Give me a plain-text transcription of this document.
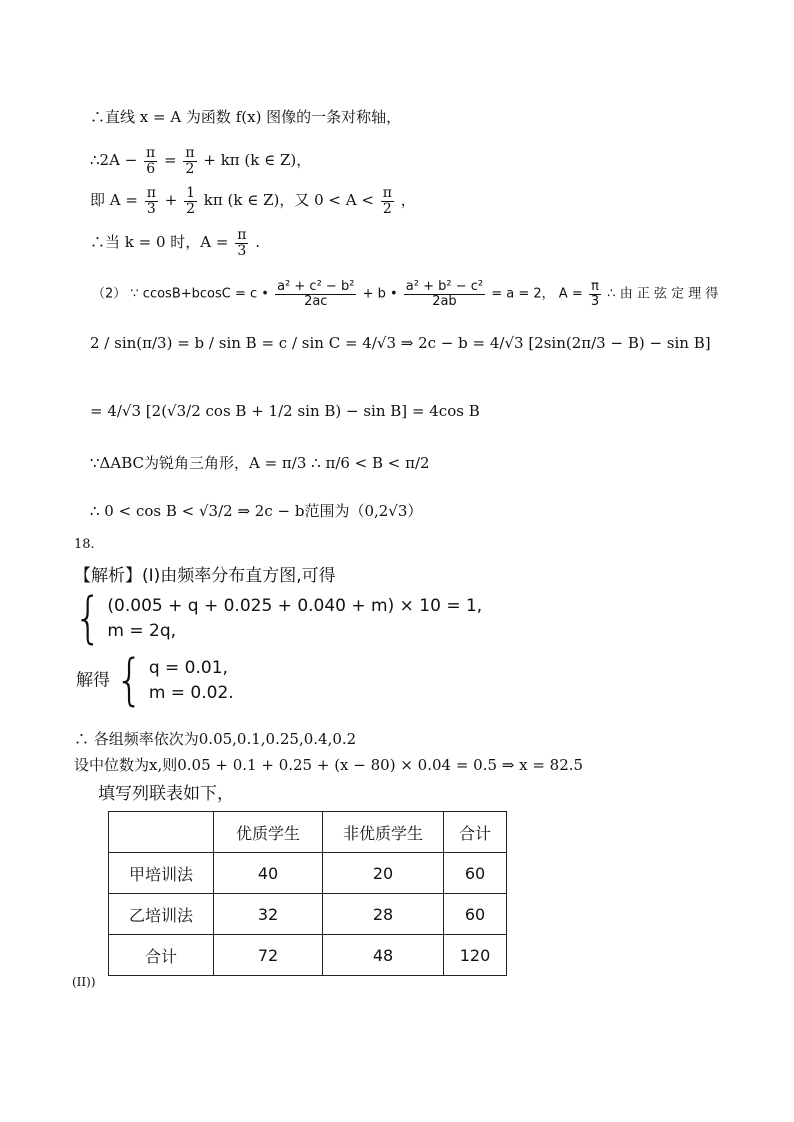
∴直线 x = A 为函数 f(x) 图像的一条对称轴，
∴2A − $\frac{\pi}{6} = \frac{\pi}{2} + k\pi$ (k ∈ Z)，
即 $A = \frac{\pi}{3} + \frac{1}{2}$ kπ (k ∈ Z)，又 $0 < A < \frac{\pi}{2}$ ，
∴当 k = 0 时，$A = \frac{\pi}{3}$ .
（2） ∵ ccosB+bcosC = c • $\frac{\text{a² + c² − b²}}{2ac} + b$ • $\frac{\text{a² + b² − c²}}{2ab} = a = 2$， $A = \frac{\pi}{3}$ ∴ 由 正 弦 定 理 得
2 / sin(π/3) = b / sin B = c / sin C = 4/√3 ⇒ 2c − b = 4/√3 [2sin(2π/3 − B) − sin B]
= 4/√3 [2(√3/2 cos B + 1/2 sin B) − sin B] = 4cos B
∵ΔABC为锐角三角形，A = π/3 ∴ π/6 < B < π/2
∴ 0 < cos B < √3/2 ⇒ 2c − b范围为（0,2√3）
18.
【解析】(Ⅰ)由频率分布直方图,可得
{ (0.005 + q + 0.025 + 0.040 + m) × 10 = 1,
m = 2q,
解得 { q = 0.01,
m = 0.02.
∴ 各组频率依次为0.05,0.1,0.25,0.4,0.2
设中位数为x,则0.05 + 0.1 + 0.25 + (x − 80) × 0.04 = 0.5 ⇒ x = 82.5
填写列联表如下，
	优质学生	非优质学生	合计
甲培训法	40	20	60
乙培训法	32	28	60
合计	72	48	120
(II))
